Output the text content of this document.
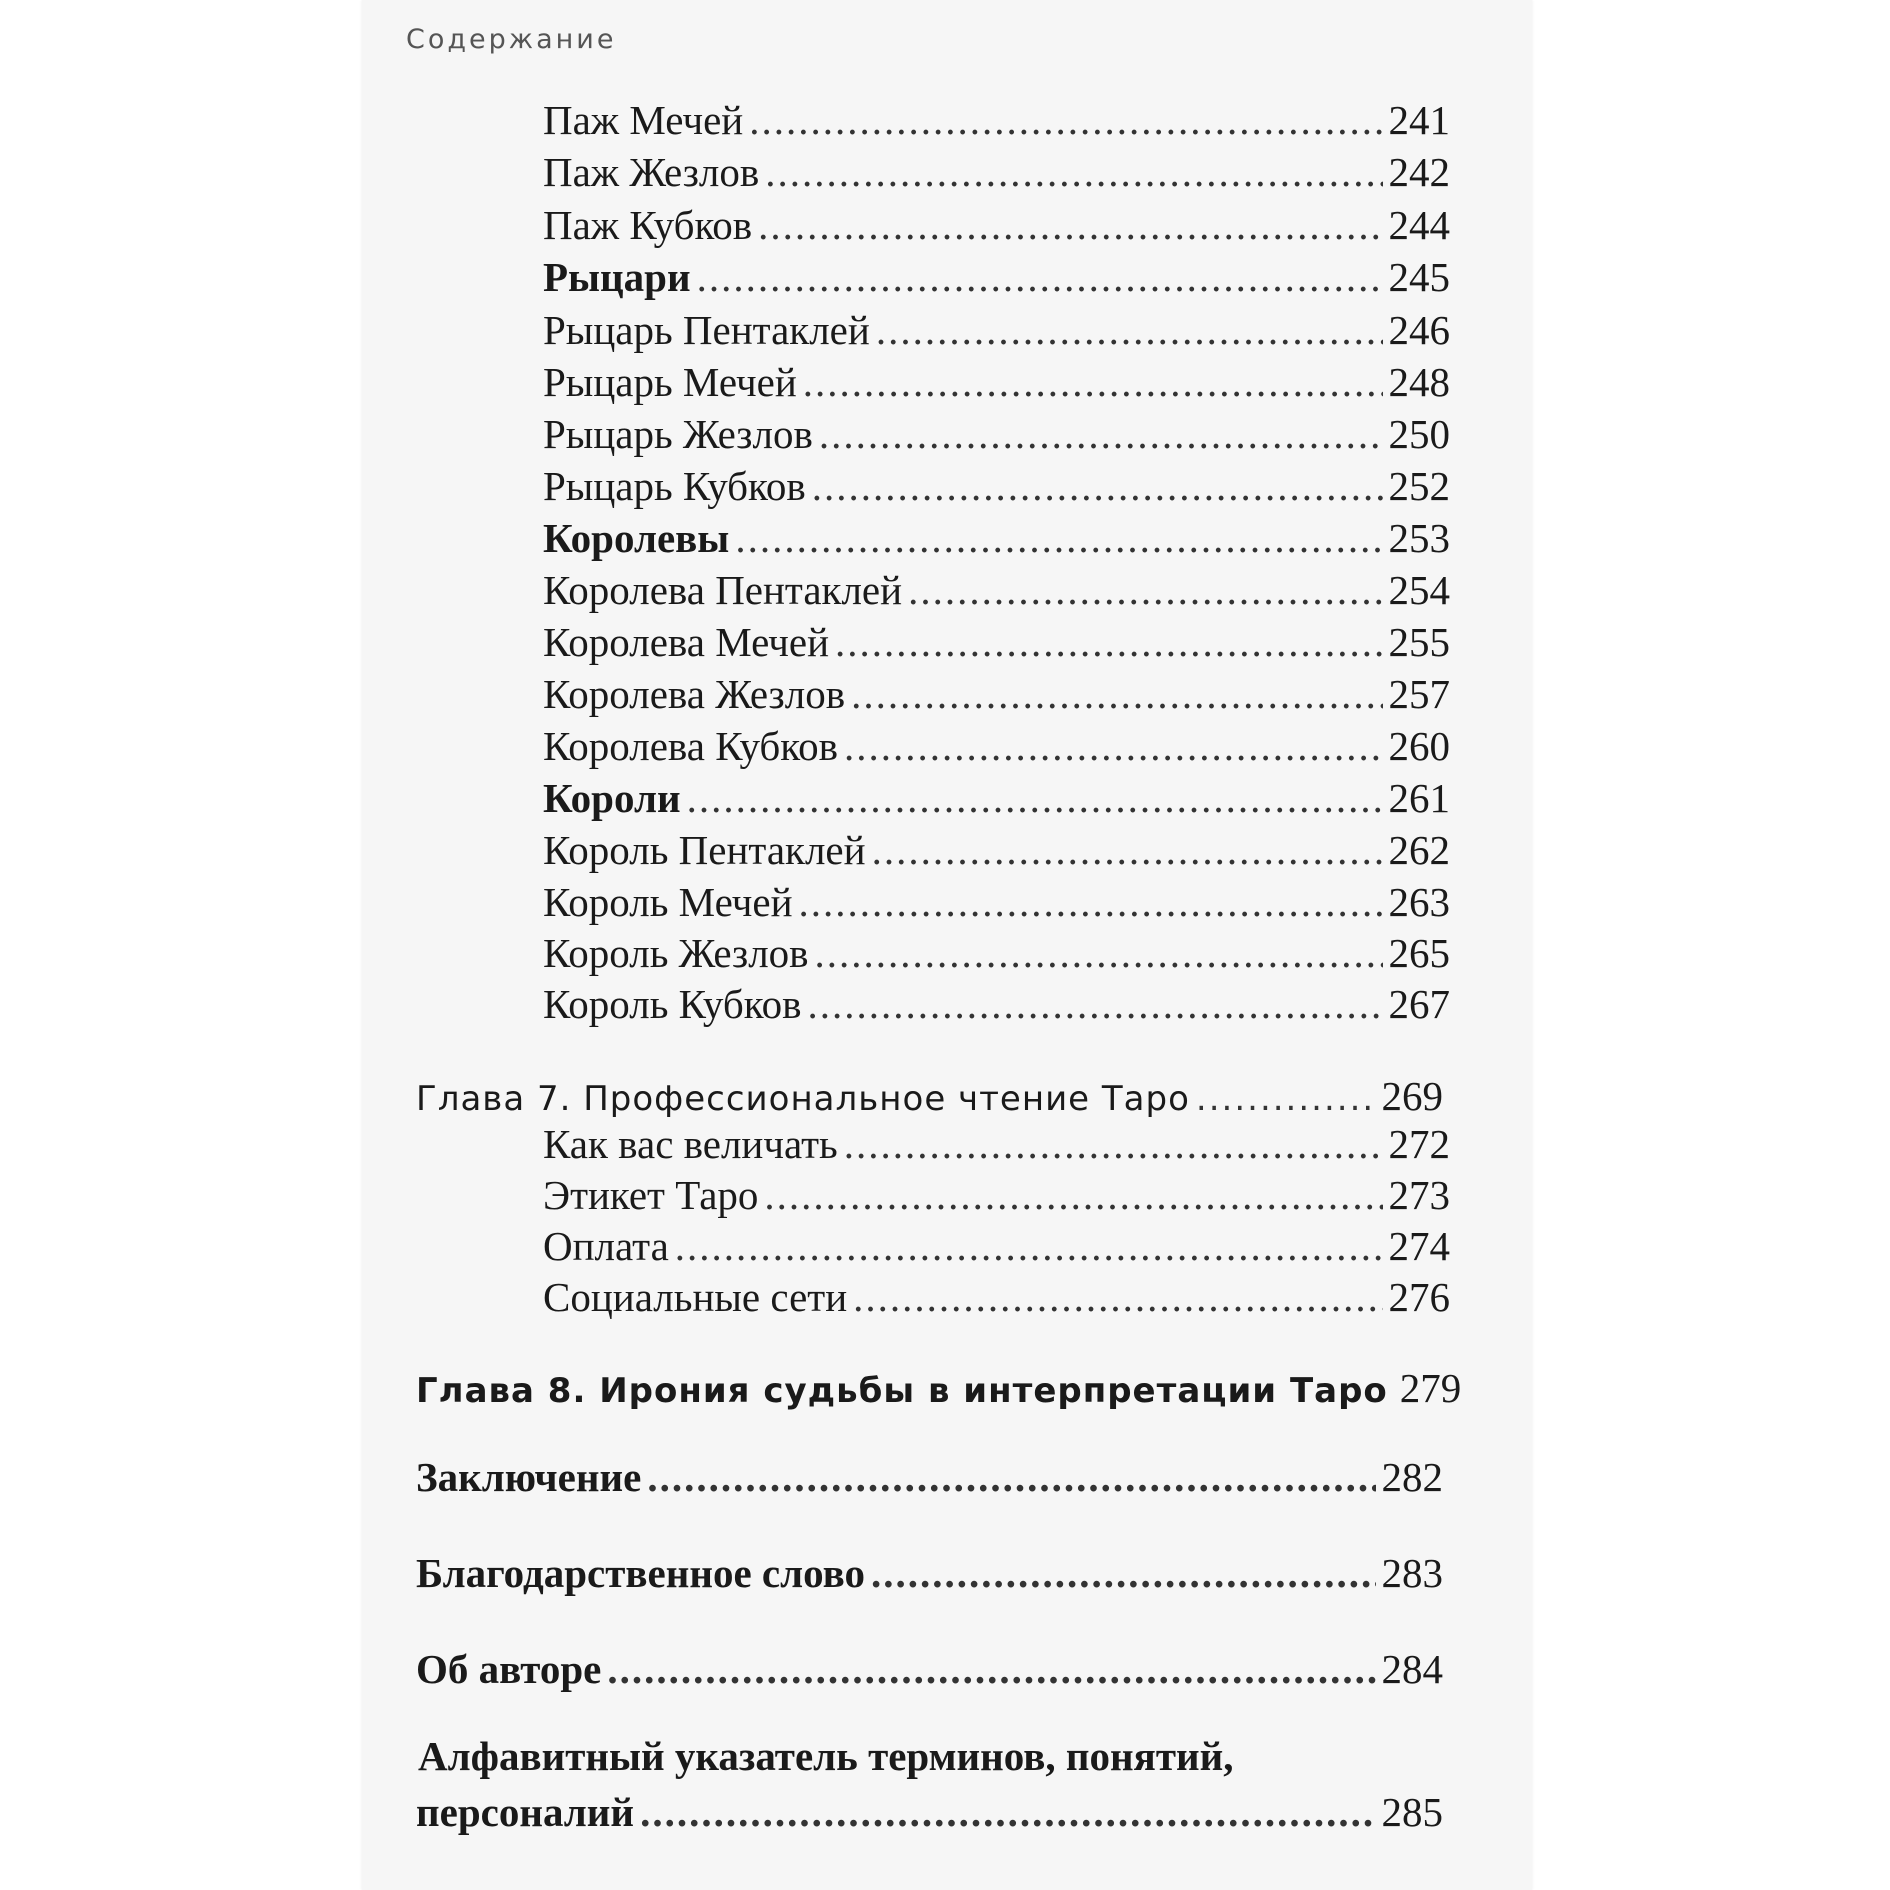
Содержание
Паж Мечей .....	241
Паж Жезлов .....	242
Паж Кубков .....	244
Рыцари .....	245
Рыцарь Пентаклей .....	246
Рыцарь Мечей .....	248
Рыцарь Жезлов .....	250
Рыцарь Кубков .....	252
Королевы .....	253
Королева Пентаклей .....	254
Королева Мечей .....	255
Королева Жезлов .....	257
Королева Кубков .....	260
Короли .....	261
Король Пентаклей .....	262
Король Мечей .....	263
Король Жезлов .....	265
Король Кубков .....	267
Глава 7. Профессиональное чтение Таро .....	269
Как вас величать .....	272
Этикет Таро .....	273
Оплата .....	274
Социальные сети .....	276
Глава 8. Ирония судьбы в интерпретации Таро 279
Заключение .....	282
Благодарственное слово .....	283
Об авторе .....	284
Алфавитный указатель терминов, понятий,
персоналий .....	285
